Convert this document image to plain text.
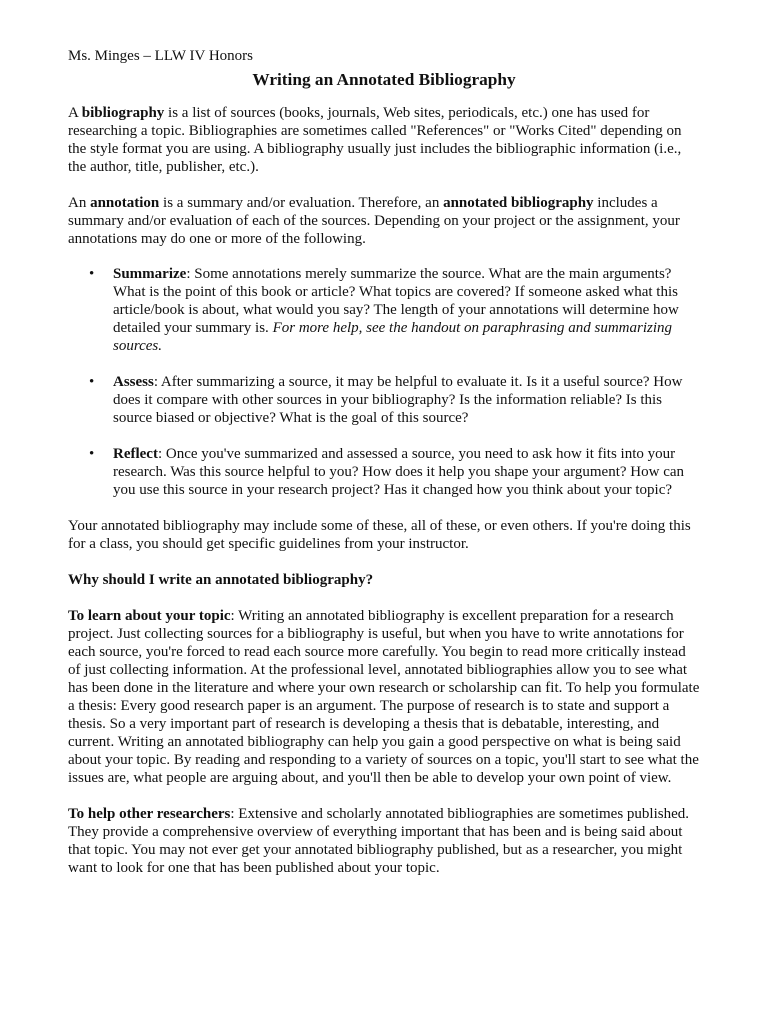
Ms. Minges – LLW IV Honors

Writing an Annotated Bibliography

A bibliography is a list of sources (books, journals, Web sites, periodicals, etc.) one has used for researching a topic. Bibliographies are sometimes called "References" or "Works Cited" depending on the style format you are using. A bibliography usually just includes the bibliographic information (i.e., the author, title, publisher, etc.).

An annotation is a summary and/or evaluation. Therefore, an annotated bibliography includes a summary and/or evaluation of each of the sources. Depending on your project or the assignment, your annotations may do one or more of the following.

• Summarize: Some annotations merely summarize the source. What are the main arguments? What is the point of this book or article? What topics are covered? If someone asked what this article/book is about, what would you say? The length of your annotations will determine how detailed your summary is. For more help, see the handout on paraphrasing and summarizing sources.
• Assess: After summarizing a source, it may be helpful to evaluate it. Is it a useful source? How does it compare with other sources in your bibliography? Is the information reliable? Is this source biased or objective? What is the goal of this source?
• Reflect: Once you've summarized and assessed a source, you need to ask how it fits into your research. Was this source helpful to you? How does it help you shape your argument? How can you use this source in your research project? Has it changed how you think about your topic?

Your annotated bibliography may include some of these, all of these, or even others. If you're doing this for a class, you should get specific guidelines from your instructor.

Why should I write an annotated bibliography?

To learn about your topic: Writing an annotated bibliography is excellent preparation for a research project. Just collecting sources for a bibliography is useful, but when you have to write annotations for each source, you're forced to read each source more carefully. You begin to read more critically instead of just collecting information. At the professional level, annotated bibliographies allow you to see what has been done in the literature and where your own research or scholarship can fit. To help you formulate a thesis: Every good research paper is an argument. The purpose of research is to state and support a thesis. So a very important part of research is developing a thesis that is debatable, interesting, and current. Writing an annotated bibliography can help you gain a good perspective on what is being said about your topic. By reading and responding to a variety of sources on a topic, you'll start to see what the issues are, what people are arguing about, and you'll then be able to develop your own point of view.

To help other researchers: Extensive and scholarly annotated bibliographies are sometimes published. They provide a comprehensive overview of everything important that has been and is being said about that topic. You may not ever get your annotated bibliography published, but as a researcher, you might want to look for one that has been published about your topic.
